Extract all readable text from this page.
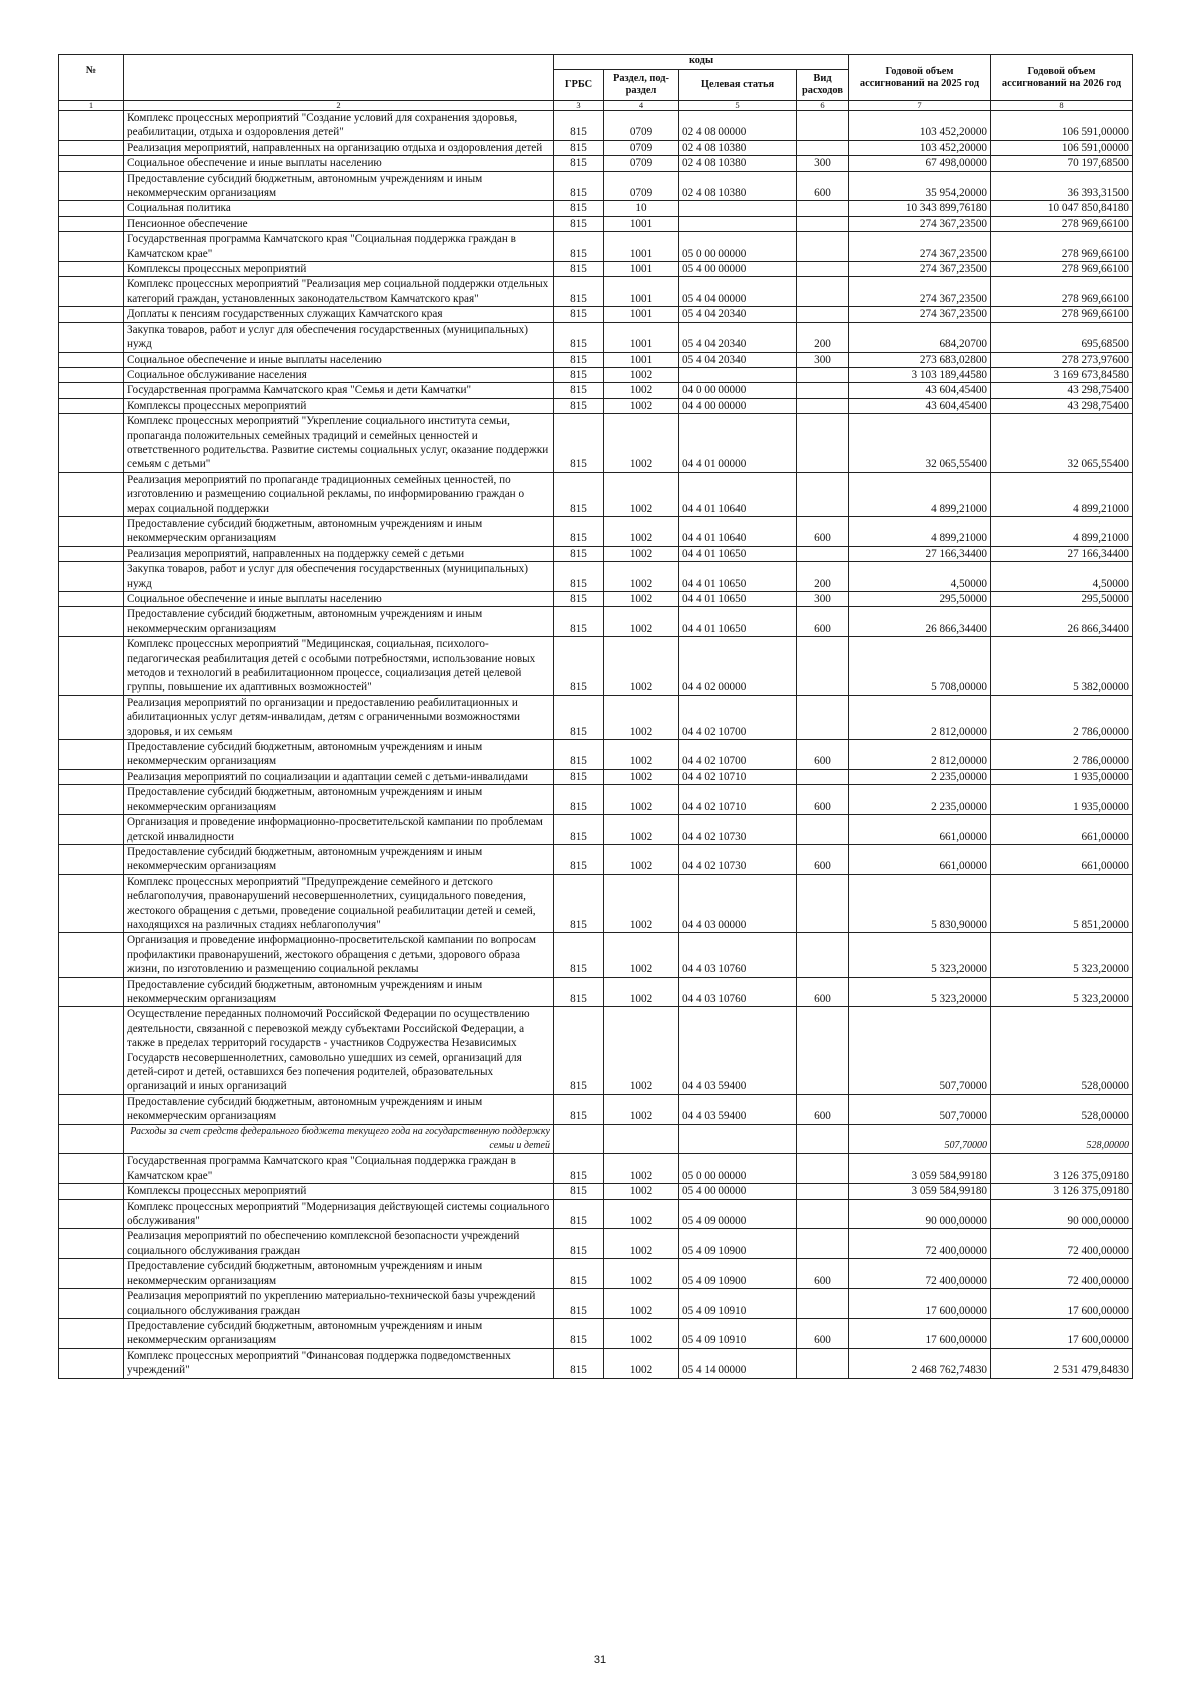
№		коды				Годовой объем ассигнований на 2025 год	Годовой объем ассигнований на 2026 год
		ГРБС	Раздел, под-раздел	Целевая статья	Вид расходов		
1	2	3	4	5	6	7	8
	Комплекс процессных мероприятий "Создание условий для сохранения здоровья, реабилитации, отдыха и оздоровления детей"	815	0709	02 4 08 00000		103 452,20000	106 591,00000
	Реализация мероприятий, направленных на организацию отдыха и оздоровления детей	815	0709	02 4 08 10380		103 452,20000	106 591,00000
	Социальное обеспечение и иные выплаты населению	815	0709	02 4 08 10380	300	67 498,00000	70 197,68500
	Предоставление субсидий бюджетным, автономным учреждениям и иным некоммерческим организациям	815	0709	02 4 08 10380	600	35 954,20000	36 393,31500
	Социальная политика	815	10			10 343 899,76180	10 047 850,84180
	Пенсионное обеспечение	815	1001			274 367,23500	278 969,66100
	Государственная программа Камчатского края "Социальная поддержка граждан в Камчатском крае"	815	1001	05 0 00 00000		274 367,23500	278 969,66100
	Комплексы процессных мероприятий	815	1001	05 4 00 00000		274 367,23500	278 969,66100
	Комплекс процессных мероприятий "Реализация мер социальной поддержки отдельных категорий граждан, установленных законодательством Камчатского края"	815	1001	05 4 04 00000		274 367,23500	278 969,66100
	Доплаты к пенсиям государственных служащих Камчатского края	815	1001	05 4 04 20340		274 367,23500	278 969,66100
	Закупка товаров, работ и услуг для обеспечения государственных (муниципальных) нужд	815	1001	05 4 04 20340	200	684,20700	695,68500
	Социальное обеспечение и иные выплаты населению	815	1001	05 4 04 20340	300	273 683,02800	278 273,97600
	Социальное обслуживание населения	815	1002			3 103 189,44580	3 169 673,84580
	Государственная программа Камчатского края "Семья и дети Камчатки"	815	1002	04 0 00 00000		43 604,45400	43 298,75400
	Комплексы процессных мероприятий	815	1002	04 4 00 00000		43 604,45400	43 298,75400
	Комплекс процессных мероприятий "Укрепление социального института семьи, пропаганда положительных семейных традиций и семейных ценностей и ответственного родительства. Развитие системы социальных услуг, оказание поддержки семьям с детьми"	815	1002	04 4 01 00000		32 065,55400	32 065,55400
	Реализация мероприятий по пропаганде традиционных семейных ценностей, по изготовлению и размещению социальной рекламы, по информированию граждан о мерах социальной поддержки	815	1002	04 4 01 10640		4 899,21000	4 899,21000
	Предоставление субсидий бюджетным, автономным учреждениям и иным некоммерческим организациям	815	1002	04 4 01 10640	600	4 899,21000	4 899,21000
	Реализация мероприятий, направленных на поддержку семей с детьми	815	1002	04 4 01 10650		27 166,34400	27 166,34400
	Закупка товаров, работ и услуг для обеспечения государственных (муниципальных) нужд	815	1002	04 4 01 10650	200	4,50000	4,50000
	Социальное обеспечение и иные выплаты населению	815	1002	04 4 01 10650	300	295,50000	295,50000
	Предоставление субсидий бюджетным, автономным учреждениям и иным некоммерческим организациям	815	1002	04 4 01 10650	600	26 866,34400	26 866,34400
	Комплекс процессных мероприятий "Медицинская, социальная, психолого-педагогическая реабилитация детей с особыми потребностями, использование новых методов и технологий в реабилитационном процессе, социализация детей целевой группы, повышение их адаптивных возможностей"	815	1002	04 4 02 00000		5 708,00000	5 382,00000
	Реализация мероприятий по организации и предоставлению реабилитационных и абилитационных услуг детям-инвалидам, детям с ограниченными возможностями здоровья, и их семьям	815	1002	04 4 02 10700		2 812,00000	2 786,00000
	Предоставление субсидий бюджетным, автономным учреждениям и иным некоммерческим организациям	815	1002	04 4 02 10700	600	2 812,00000	2 786,00000
	Реализация мероприятий по социализации и адаптации семей с детьми-инвалидами	815	1002	04 4 02 10710		2 235,00000	1 935,00000
	Предоставление субсидий бюджетным, автономным учреждениям и иным некоммерческим организациям	815	1002	04 4 02 10710	600	2 235,00000	1 935,00000
	Организация и проведение информационно-просветительской кампании по проблемам детской инвалидности	815	1002	04 4 02 10730		661,00000	661,00000
	Предоставление субсидий бюджетным, автономным учреждениям и иным некоммерческим организациям	815	1002	04 4 02 10730	600	661,00000	661,00000
	Комплекс процессных мероприятий "Предупреждение семейного и детского неблагополучия, правонарушений несовершеннолетних, суицидального поведения, жестокого обращения с детьми, проведение социальной реабилитации детей и семей, находящихся на различных стадиях неблагополучия"	815	1002	04 4 03 00000		5 830,90000	5 851,20000
	Организация и проведение информационно-просветительской кампании по вопросам профилактики правонарушений, жестокого обращения с детьми, здорового образа жизни, по изготовлению и размещению социальной рекламы	815	1002	04 4 03 10760		5 323,20000	5 323,20000
	Предоставление субсидий бюджетным, автономным учреждениям и иным некоммерческим организациям	815	1002	04 4 03 10760	600	5 323,20000	5 323,20000
	Осуществление переданных полномочий Российской Федерации по осуществлению деятельности, связанной с перевозкой между субъектами Российской Федерации, а также в пределах территорий государств - участников Содружества Независимых Государств несовершеннолетних, самовольно ушедших из семей, организаций для детей-сирот и детей, оставшихся без попечения родителей, образовательных организаций и иных организаций	815	1002	04 4 03 59400		507,70000	528,00000
	Предоставление субсидий бюджетным, автономным учреждениям и иным некоммерческим организациям	815	1002	04 4 03 59400	600	507,70000	528,00000
	Расходы за счет средств федерального бюджета текущего года на государственную поддержку семьи и детей					507,70000	528,00000
	Государственная программа Камчатского края "Социальная поддержка граждан в Камчатском крае"	815	1002	05 0 00 00000		3 059 584,99180	3 126 375,09180
	Комплексы процессных мероприятий	815	1002	05 4 00 00000		3 059 584,99180	3 126 375,09180
	Комплекс процессных мероприятий "Модернизация действующей системы социального обслуживания"	815	1002	05 4 09 00000		90 000,00000	90 000,00000
	Реализация мероприятий по обеспечению комплексной безопасности учреждений социального обслуживания граждан	815	1002	05 4 09 10900		72 400,00000	72 400,00000
	Предоставление субсидий бюджетным, автономным учреждениям и иным некоммерческим организациям	815	1002	05 4 09 10900	600	72 400,00000	72 400,00000
	Реализация мероприятий по укреплению материально-технической базы учреждений социального обслуживания граждан	815	1002	05 4 09 10910		17 600,00000	17 600,00000
	Предоставление субсидий бюджетным, автономным учреждениям и иным некоммерческим организациям	815	1002	05 4 09 10910	600	17 600,00000	17 600,00000
	Комплекс процессных мероприятий "Финансовая поддержка подведомственных учреждений"	815	1002	05 4 14 00000		2 468 762,74830	2 531 479,84830
31
